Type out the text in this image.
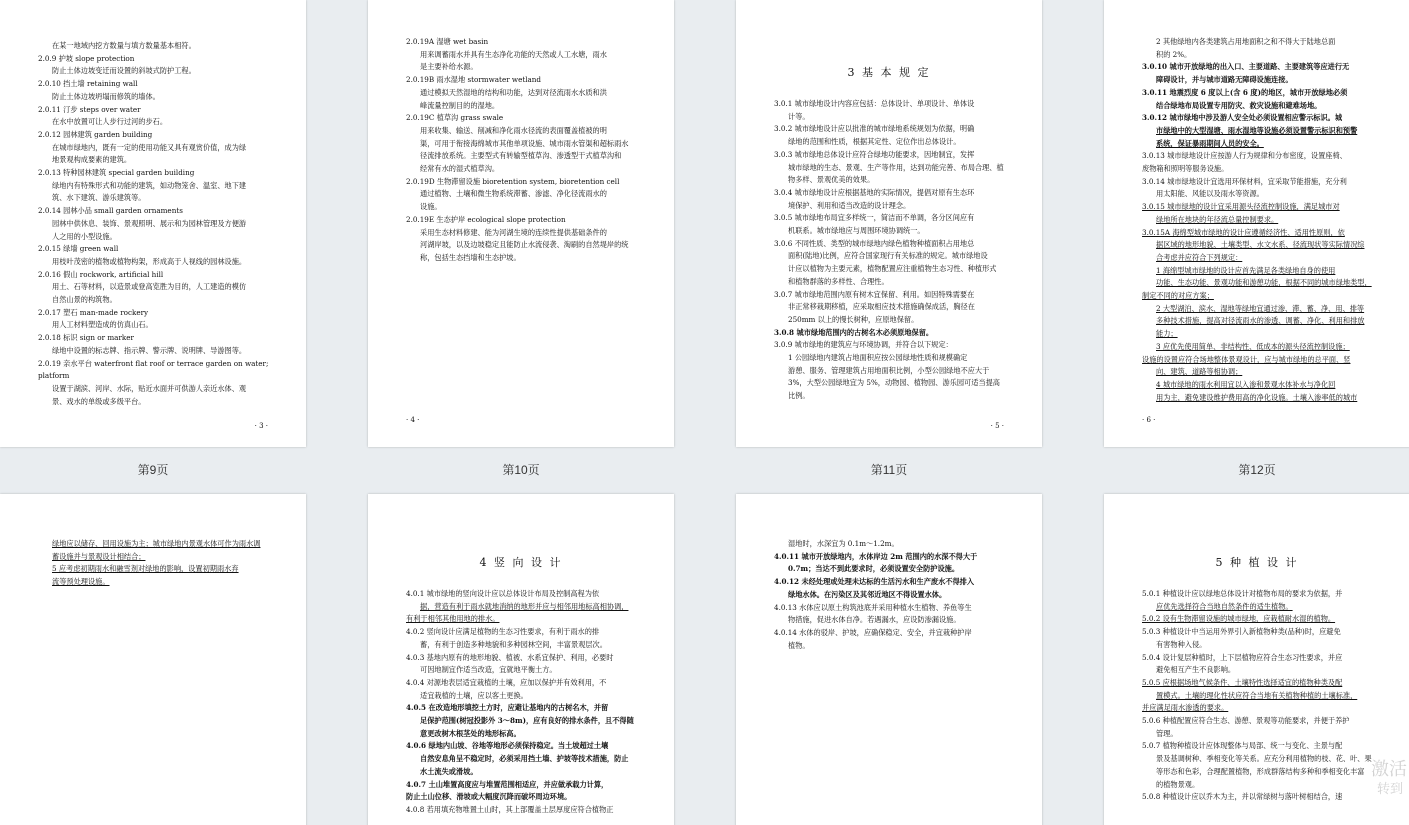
在某一地域内挖方数量与填方数量基本相符。
2.0.9 护坡 slope protection
防止土体边坡变迁而设置的斜坡式防护工程。
2.0.10 挡土墙 retaining wall
防止土体边坡坍塌而修筑的墙体。
2.0.11 汀步 steps over water
在水中放置可让人步行过河的步石。
2.0.12 园林建筑 garden building
在城市绿地内，既有一定的使用功能又具有观赏价值，成为绿
地景观构成要素的建筑。
2.0.13 特种园林建筑 special garden building
绿地内有特殊形式和功能的建筑，如动物笼舍、温室、地下建
筑、水下建筑、游乐建筑等。
2.0.14 园林小品 small garden ornaments
园林中供休息、装饰、景观照明、展示和为园林管理及方便游
人之用的小型设施。
2.0.15 绿墙 green wall
用枝叶茂密的植物或植物构架，形成高于人视线的园林设施。
2.0.16 假山 rockwork, artificial hill
用土、石等材料，以造景或登高览胜为目的，人工建造的模仿
自然山景的构筑物。
2.0.17 塑石 man-made rockery
用人工材料塑造成的仿真山石。
2.0.18 标识 sign or marker
绿地中设置的标志牌、指示牌、警示牌、说明牌、导游图等。
2.0.19 亲水平台 waterfront flat roof or terrace garden on water;
platform
设置于湖滨、河岸、水际，贴近水面并可供游人亲近水体、观
景、戏水的单级或多级平台。
· 3 ·
2.0.19A 湿塘 wet basin
用来调蓄雨水并具有生态净化功能的天然或人工水塘，雨水
是主要补给水源。
2.0.19B 雨水湿地 stormwater wetland
通过模拟天然湿地的结构和功能，达到对径流雨水水质和洪
峰流量控制目的的湿地。
2.0.19C 植草沟 grass swale
用来收集、输送、削减和净化雨水径流的表面覆盖植被的明
渠，可用于衔接海绵城市其他单项设施、城市雨水管渠和超标雨水
径流排放系统。主要型式有转输型植草沟、渗透型干式植草沟和
经常有水的湿式植草沟。
2.0.19D 生物滞留设施 bioretention system, bioretention cell
通过植物、土壤和微生物系统滞蓄、渗滤、净化径流雨水的
设施。
2.0.19E 生态护岸 ecological slope protection
采用生态材料修建、能为河湖生境的连续性提供基础条件的
河湖岸坡，以及边坡稳定且能防止水流侵袭、淘刷的自然堤岸的统
称，包括生态挡墙和生态护坡。
· 4 ·
3 基 本 规 定
3.0.1 城市绿地设计内容应包括：总体设计、单项设计、单体设
计等。
3.0.2 城市绿地设计应以批准的城市绿地系统规划为依据，明确
绿地的范围和性质，根据其定性、定位作出总体设计。
3.0.3 城市绿地总体设计应符合绿地功能要求，因地制宜，发挥
城市绿地的生态、景观、生产等作用，达到功能完善、布局合理、植
物多样、景观优美的效果。
3.0.4 城市绿地设计应根据基地的实际情况，提倡对原有生态环
境保护、利用和适当改造的设计理念。
3.0.5 城市绿地布局宜多样统一，简洁而不单调，各分区间应有
机联系。城市绿地应与周围环境协调统一。
3.0.6 不同性质、类型的城市绿地内绿色植物种植面积占用地总
面积(陆地)比例，应符合国家现行有关标准的规定。城市绿地设
计应以植物为主要元素，植物配置应注重植物生态习性、种植形式
和植物群落的多样性、合理性。
3.0.7 城市绿地范围内原有树木宜保留、利用。如因特殊需要在
非正常移栽期移植，应采取相应技术措施确保成活，胸径在
250mm 以上的慢长树种，应原地保留。
3.0.8 城市绿地范围内的古树名木必须原地保留。
3.0.9 城市绿地的建筑应与环境协调，并符合以下规定：
1 公园绿地内建筑占地面积应按公园绿地性质和规模确定
游憩、服务、管理建筑占用地面积比例，小型公园绿地不应大于
3%，大型公园绿地宜为 5%，动物园、植物园、游乐园可适当提高
比例。
· 5 ·
2 其他绿地内各类建筑占用地面积之和不得大于陆地总面
积的 2%。
3.0.10 城市开放绿地的出入口、主要道路、主要建筑等应进行无
障碍设计，并与城市道路无障碍设施连接。
3.0.11 地震烈度 6 度以上(含 6 度)的地区，城市开放绿地必须
结合绿地布局设置专用防灾、救灾设施和避难场地。
3.0.12 城市绿地中涉及游人安全处必须设置相应警示标识。城
市绿地中的大型湿塘、雨水湿地等设施必须设置警示标识和预警
系统，保证暴雨期间人员的安全。
3.0.13 城市绿地设计应按游人行为规律和分布密度，设置座椅、
废物箱和照明等服务设施。
3.0.14 城市绿地设计宜选用环保材料，宜采取节能措施，充分利
用太阳能、风能以及雨水等资源。
3.0.15 城市绿地的设计宜采用源头径流控制设施，满足城市对
绿地所在地块的年径流总量控制要求。
3.0.15A 海绵型城市绿地的设计应遵循经济性、适用性原则，依
据区域的地形地貌、土壤类型、水文水系、径流现状等实际情况综
合考虑并应符合下列规定：
1 海绵型城市绿地的设计应首先满足各类绿地自身的使用
功能、生态功能、景观功能和游憩功能，根据不同的城市绿地类型，
制定不同的对应方案；
2 大型湖泊、滨水、湿地等绿地宜通过渗、滞、蓄、净、用、排等
多种技术措施，提高对径流雨水的渗透、调蓄、净化、利用和排放
能力；
3 应优先使用简单、非结构性、低成本的源头径流控制设施；
设施的设置应符合场地整体景观设计，应与城市绿地的总平面、竖
向、建筑、道路等相协调；
4 城市绿地的雨水利用宜以入渗和景观水体补水与净化回
用为主，避免建设维护费用高的净化设施。土壤入渗率低的城市
· 6 ·
第9页	第10页	第11页	第12页
绿地应以储存、回用设施为主；城市绿地内景观水体可作为雨水调
蓄设施并与景观设计相结合；
5 应考虑初期雨水和融雪剂对绿地的影响，设置初期雨水弃
流等预处理设施。
4 竖 向 设 计
4.0.1 城市绿地的竖向设计应以总体设计布局及控制高程为依
据，营造有利于雨水就地消纳的地形并应与相邻用地标高相协调，
有利于相邻其他用地的排水。
4.0.2 竖向设计应满足植物的生态习性要求，有利于雨水的排
蓄，有利于创造多种地貌和多种园林空间，丰富景观层次。
4.0.3 基地内原有的地形地貌、植被、水系宜保护、利用，必要时
可因地制宜作适当改造，宜就地平衡土方。
4.0.4 对源地表层适宜栽植的土壤，应加以保护并有效利用，不
适宜栽植的土壤，应以客土更换。
4.0.5 在改造地形填挖土方时，应避让基地内的古树名木，并留
足保护范围(树冠投影外 3～8m)，应有良好的排水条件，且不得随
意更改树木根茎处的地形标高。
4.0.6 绿地内山坡、谷地等地形必须保持稳定。当土坡超过土壤
自然安息角呈不稳定时，必须采用挡土墙、护坡等技术措施，防止
水土流失或滑坡。
4.0.7 土山堆置高度应与堆置范围相适应，并应做承载力计算，
防止土山位移、滑坡或大幅度沉降而破坏周边环境。
4.0.8 若用填充物堆置土山时，其上部覆盖土层厚度应符合植物正
湿地时，水深宜为 0.1m～1.2m。
4.0.11 城市开放绿地内，水体岸边 2m 范围内的水深不得大于
0.7m；当达不到此要求时，必须设置安全防护设施。
4.0.12 未经处理或处理未达标的生活污水和生产废水不得排入
绿地水体。在污染区及其邻近地区不得设置水体。
4.0.13 水体应以原土构筑池底并采用种植水生植物、养鱼等生
物措施，促进水体自净。若遇漏水，应设防渗漏设施。
4.0.14 水体的驳岸、护坡，应确保稳定、安全，并宜栽种护岸
植物。
5 种 植 设 计
5.0.1 种植设计应以绿地总体设计对植物布局的要求为依据，并
应优先选择符合当地自然条件的适生植物。
5.0.2 设有生物滞留设施的城市绿地，应栽植耐水湿的植物。
5.0.3 种植设计中当运用外界引入新植物种类(品种)时，应避免
有害物种入侵。
5.0.4 设计复层种植时，上下层植物应符合生态习性要求，并应
避免相互产生不良影响。
5.0.5 应根据场地气候条件、土壤特性选择适宜的植物种类及配
置模式。土壤的理化性状应符合当地有关植物种植的土壤标准，
并应满足雨水渗透的要求。
5.0.6 种植配置应符合生态、游憩、景观等功能要求，并便于养护
管理。
5.0.7 植物种植设计应体现整体与局部、统一与变化、主景与配
景及基调树种、季相变化等关系。应充分利用植物的枝、花、叶、果
等形态和色彩，合理配置植物，形成群落结构多种和季相变化丰富
的植物景观。
5.0.8 种植设计应以乔木为主，并以常绿树与落叶树相结合，速
激活
转到
